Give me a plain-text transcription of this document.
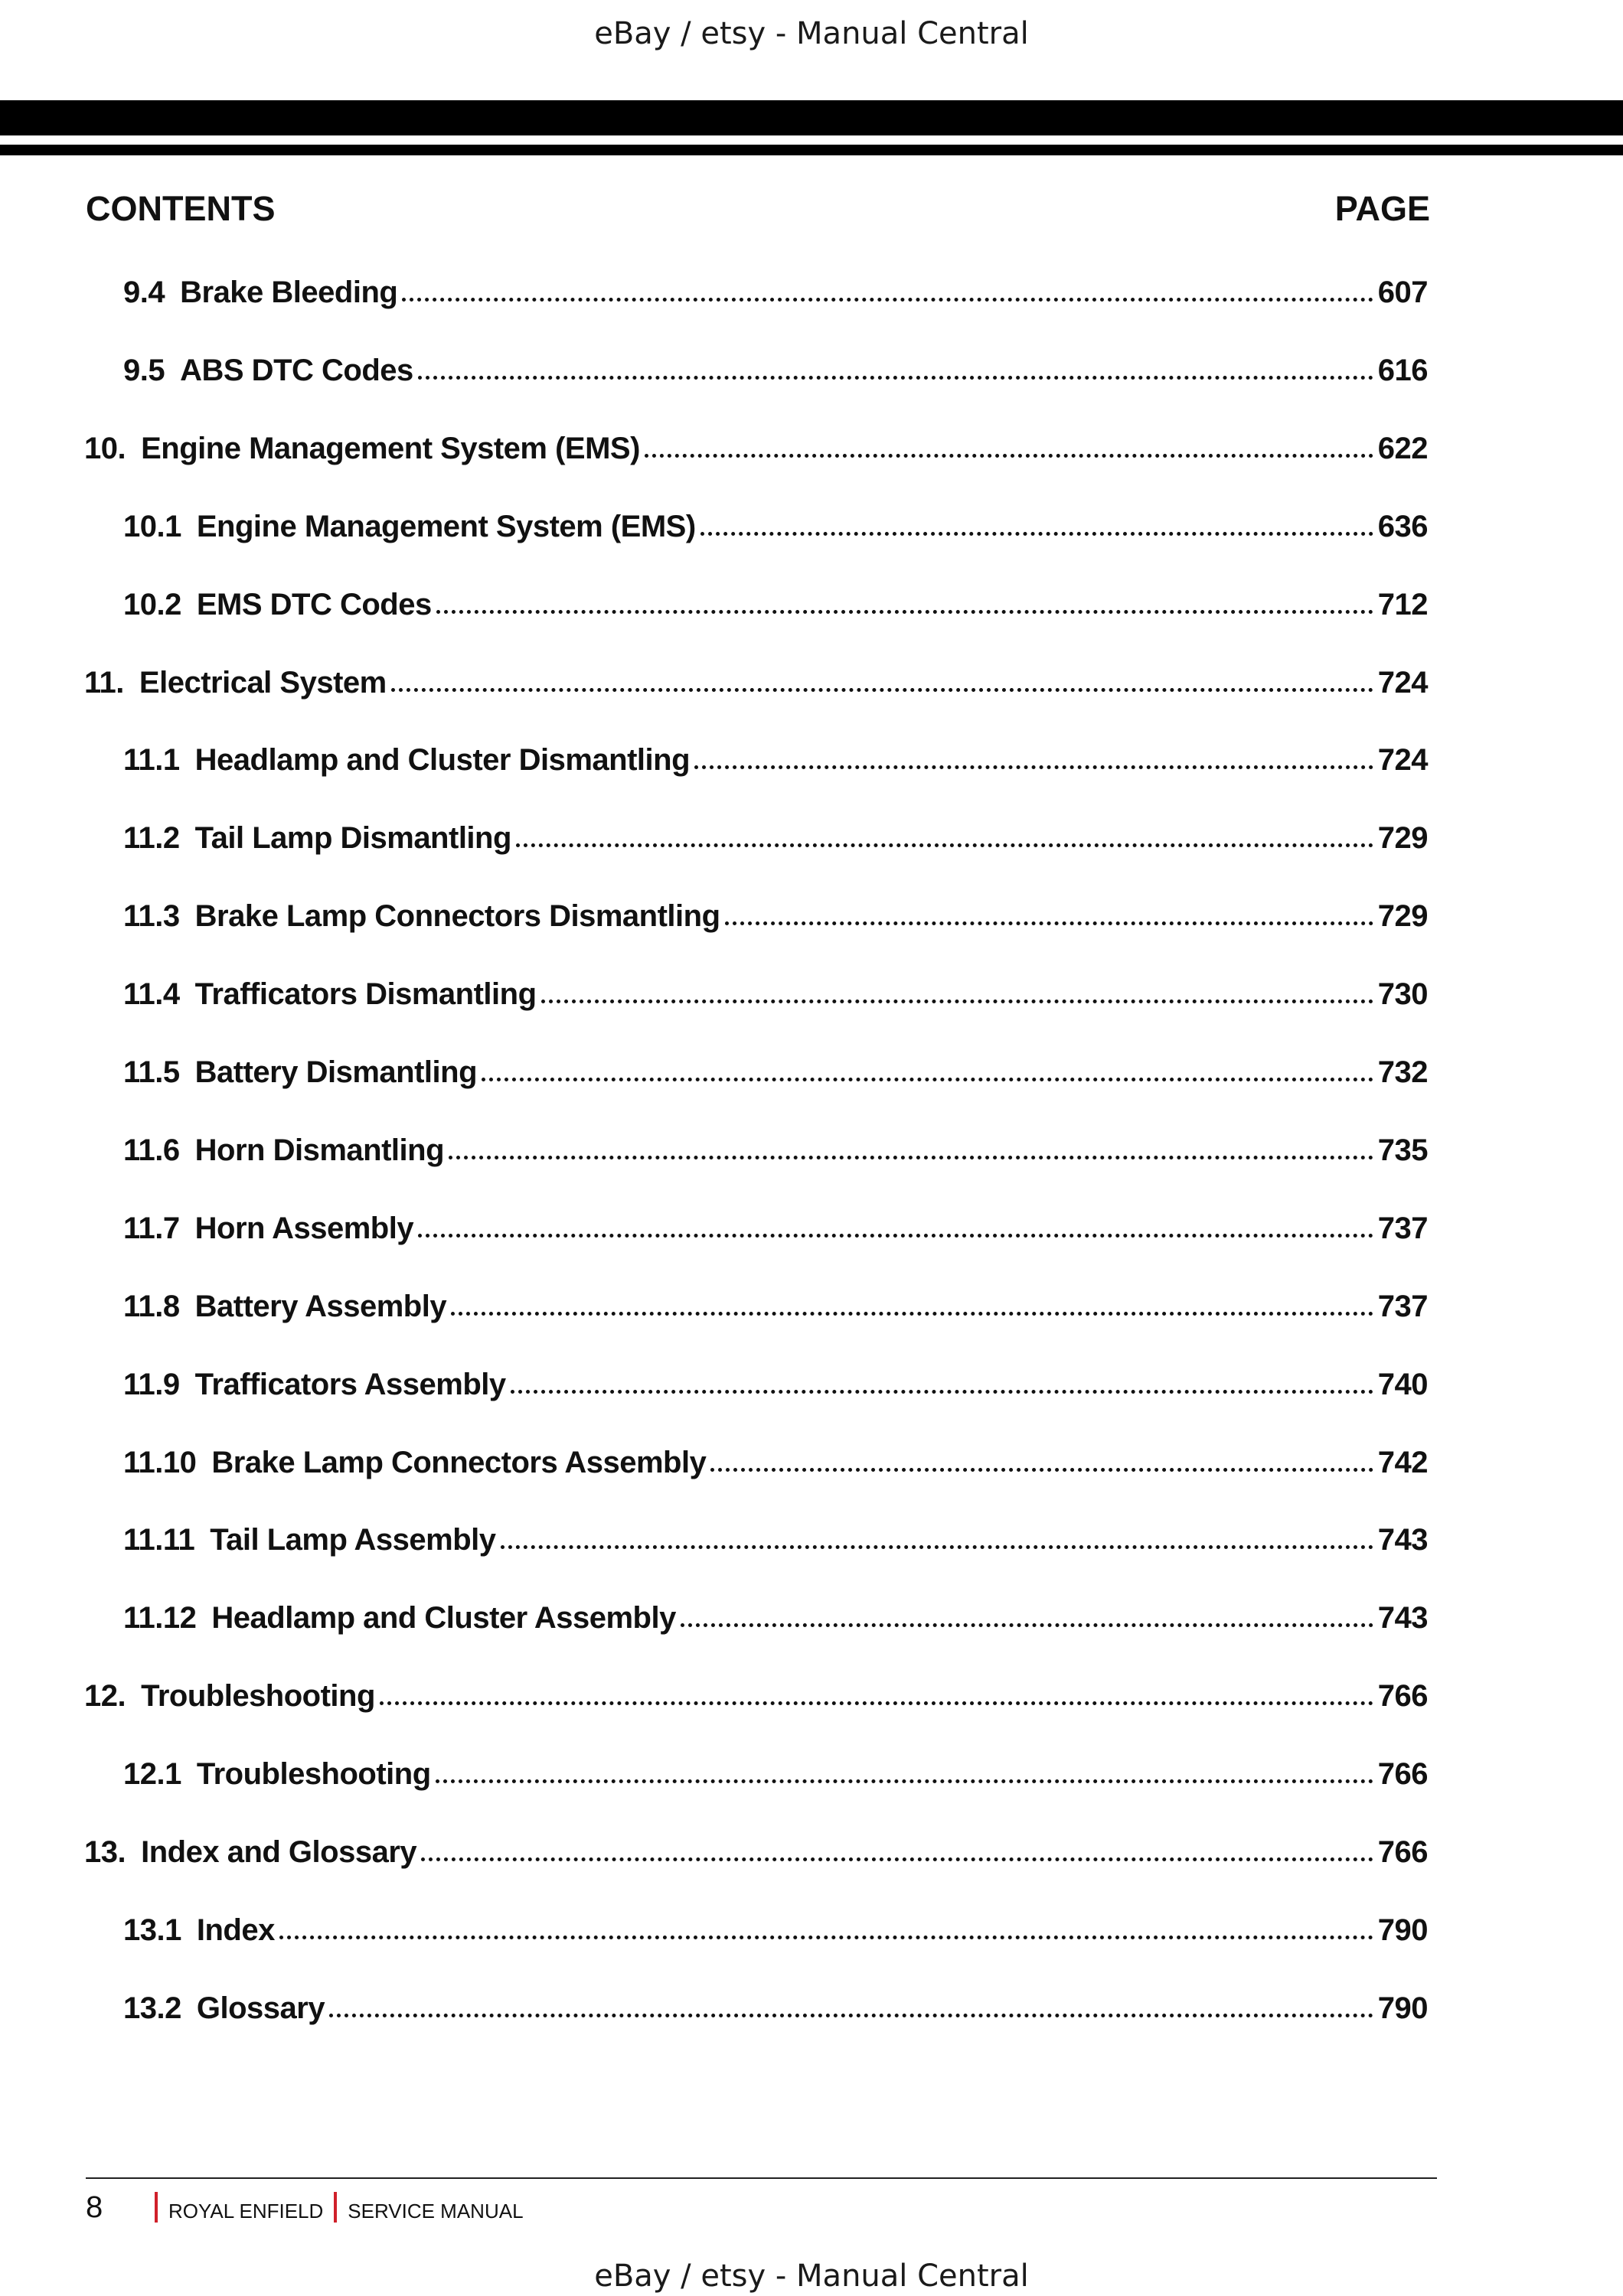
eBay / etsy - Manual Central
CONTENTS	PAGE
9.4 Brake Bleeding	607
9.5 ABS DTC Codes	616
10. Engine Management System (EMS)	622
10.1 Engine Management System (EMS)	636
10.2 EMS DTC Codes	712
11. Electrical System	724
11.1 Headlamp and Cluster Dismantling	724
11.2 Tail Lamp Dismantling	729
11.3 Brake Lamp Connectors Dismantling	729
11.4 Trafficators Dismantling	730
11.5 Battery Dismantling	732
11.6 Horn Dismantling	735
11.7 Horn Assembly	737
11.8 Battery Assembly	737
11.9 Trafficators Assembly	740
11.10 Brake Lamp Connectors Assembly	742
11.11 Tail Lamp Assembly	743
11.12 Headlamp and Cluster Assembly	743
12. Troubleshooting	766
12.1 Troubleshooting	766
13. Index and Glossary	766
13.1 Index	790
13.2 Glossary	790
8	ROYAL ENFIELD SERVICE MANUAL
eBay / etsy - Manual Central
